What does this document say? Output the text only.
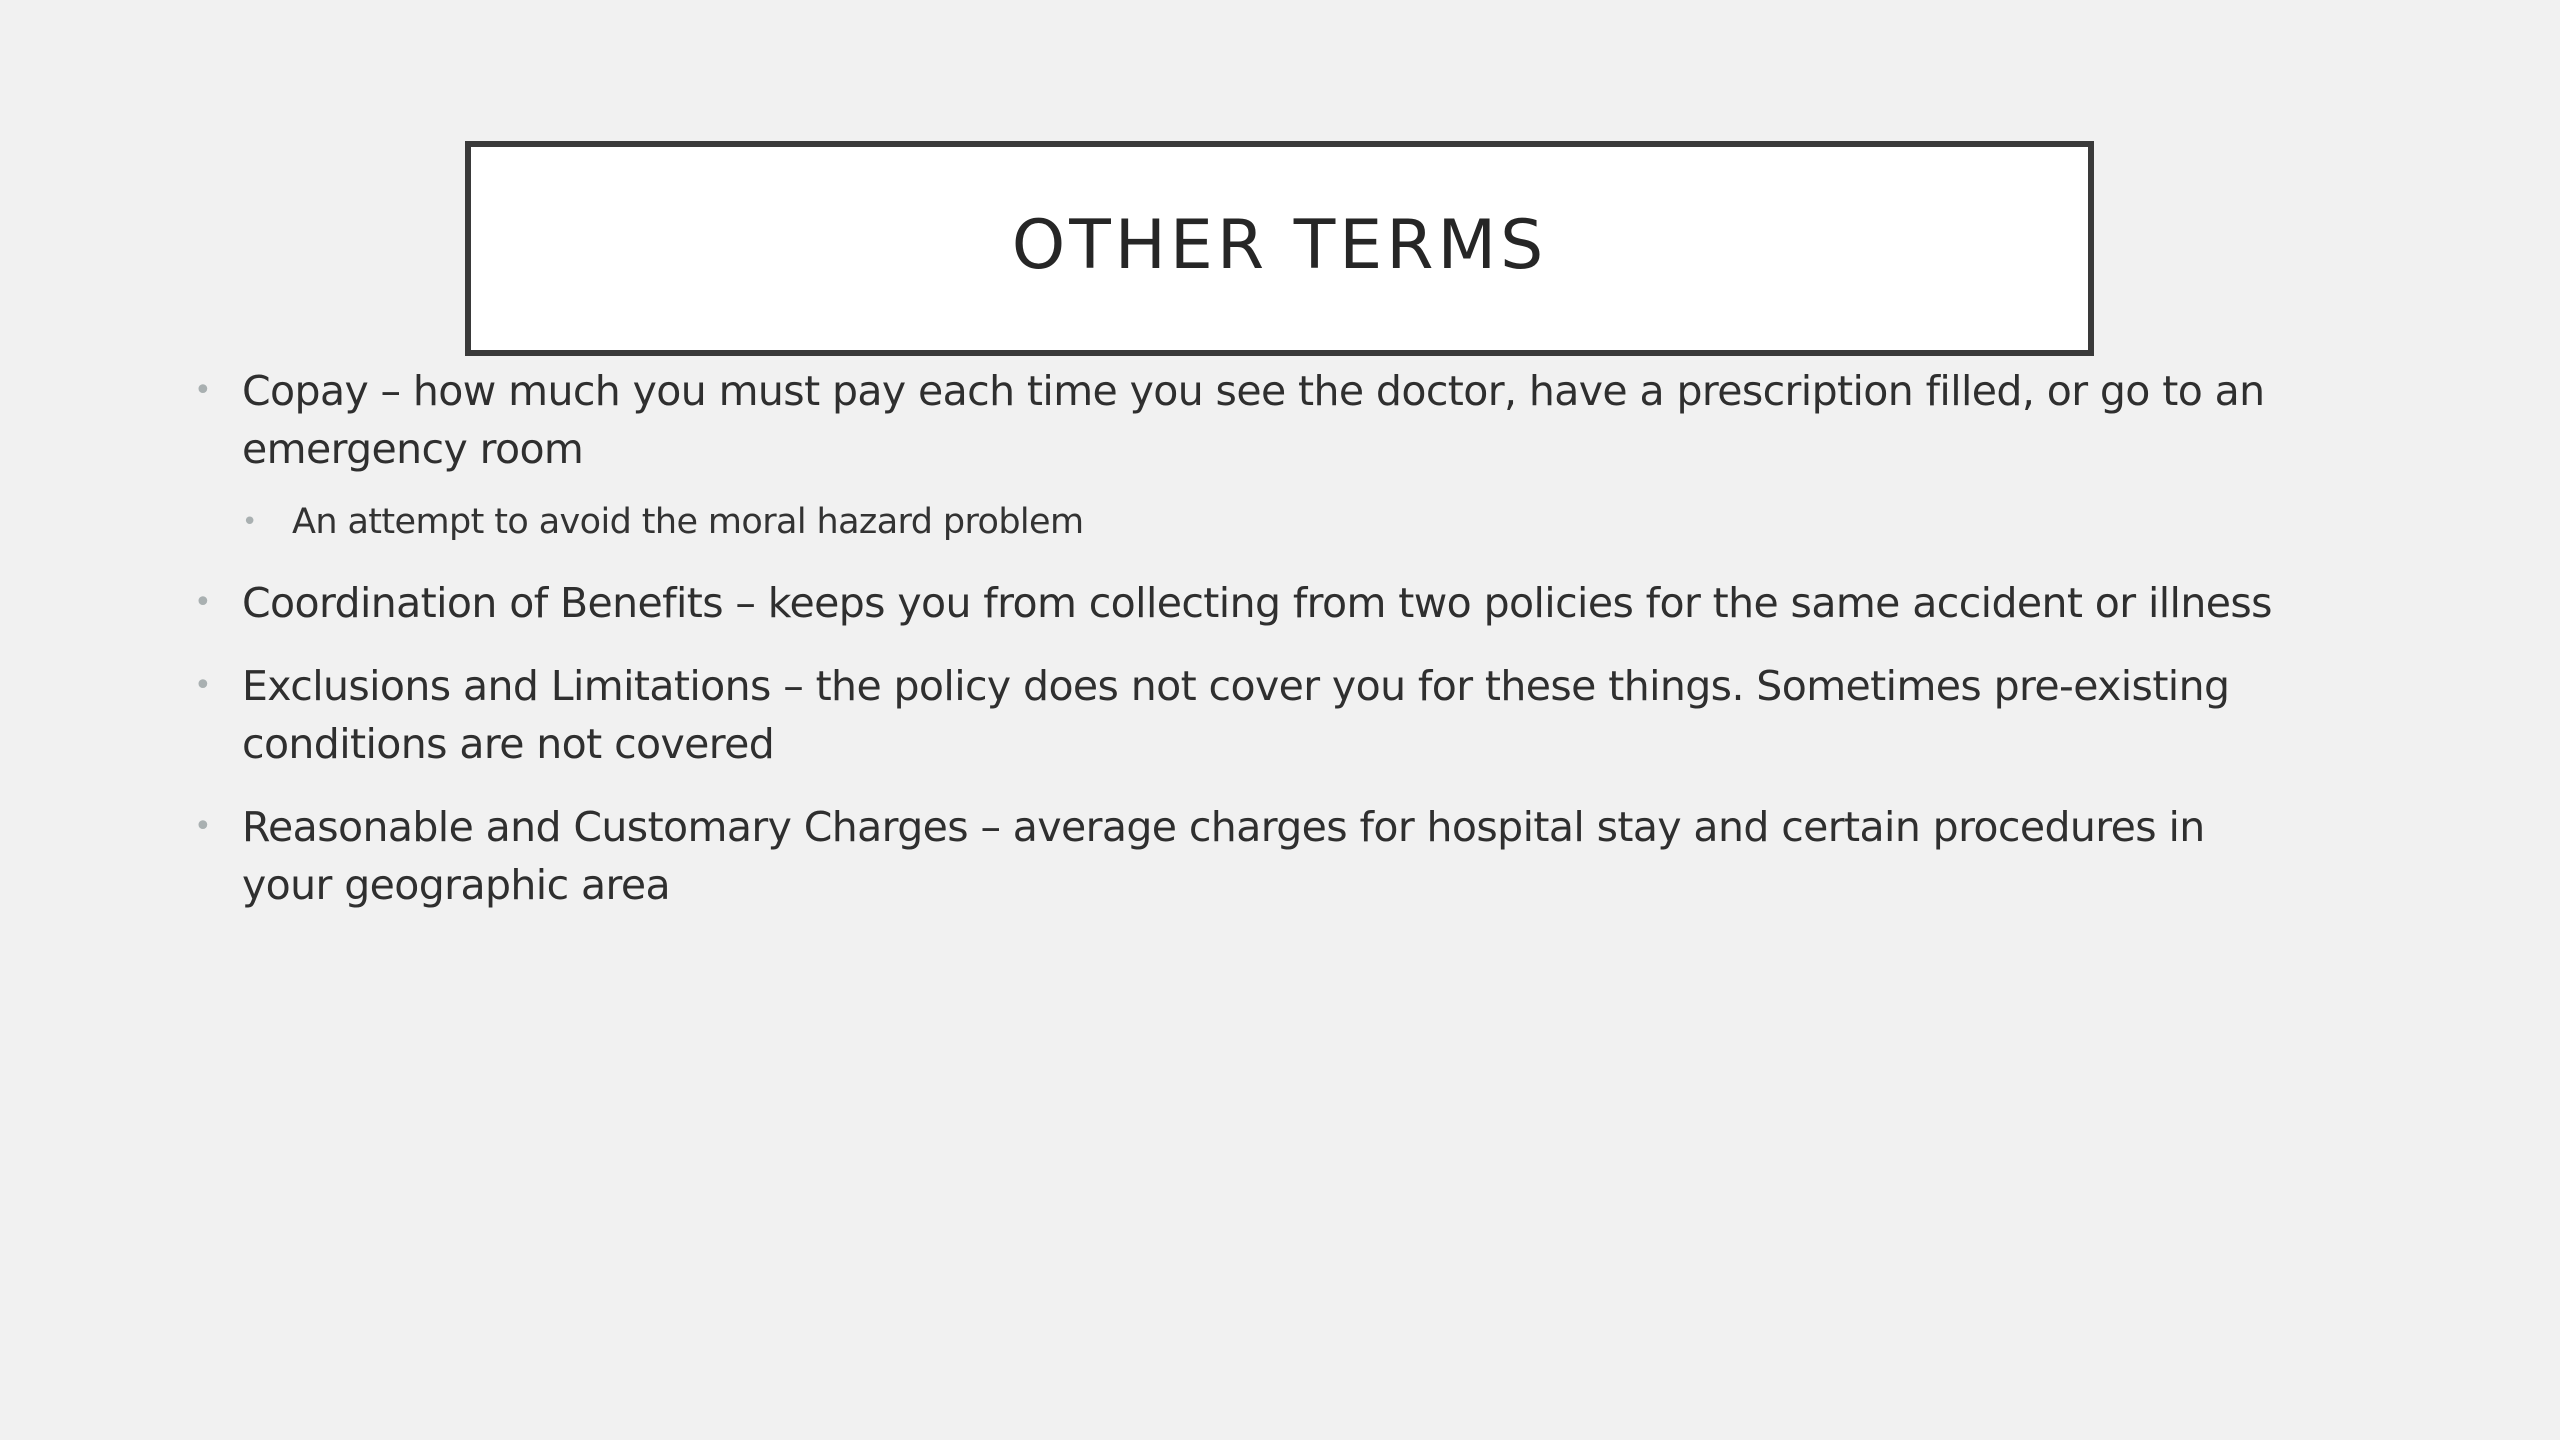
OTHER TERMS
• Copay – how much you must pay each time you see the doctor, have a prescription filled, or go to an emergency room
• An attempt to avoid the moral hazard problem
• Coordination of Benefits – keeps you from collecting from two policies for the same accident or illness
• Exclusions and Limitations – the policy does not cover you for these things. Sometimes pre-existing conditions are not covered
• Reasonable and Customary Charges – average charges for hospital stay and certain procedures in your geographic area
